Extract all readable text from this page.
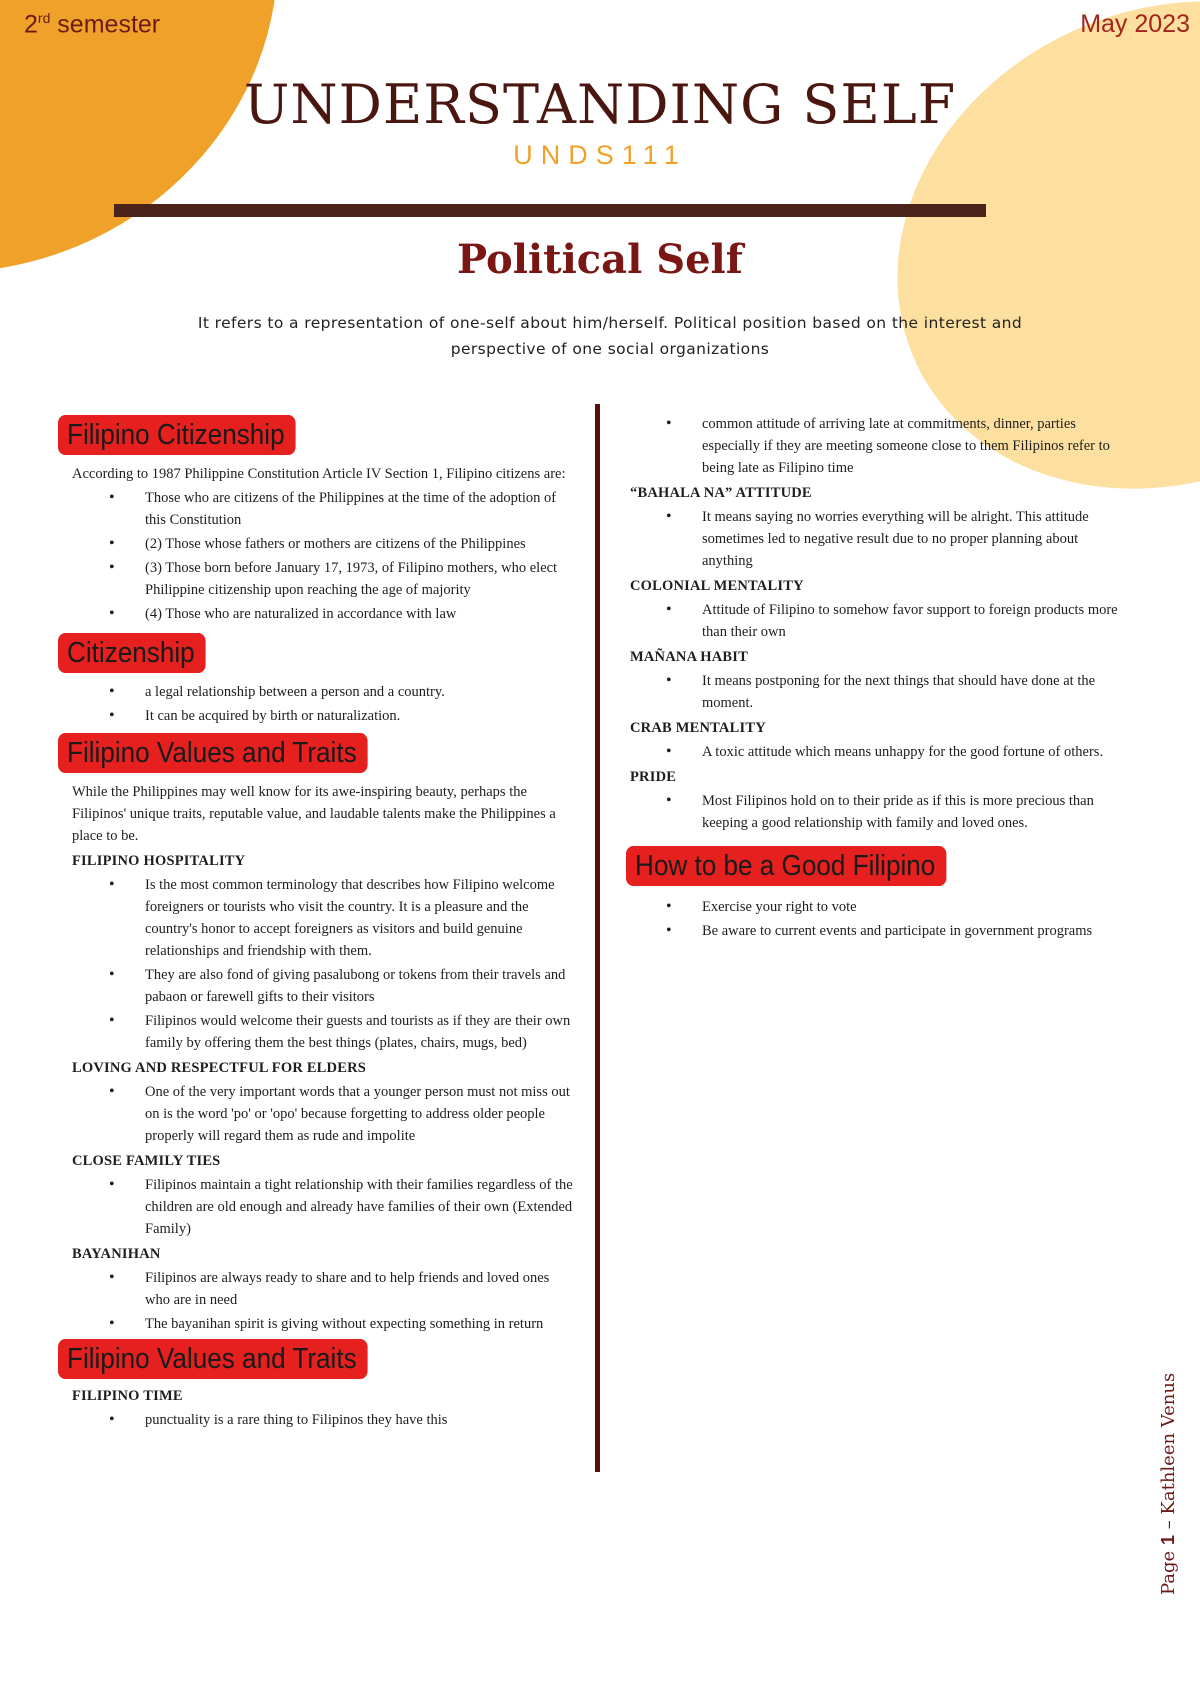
2rd semester	May 2023
UNDERSTANDING SELF
UNDS111
Political Self
It refers to a representation of one-self about him/herself. Political position based on the interest and perspective of one social organizations
Filipino Citizenship

According to 1987 Philippine Constitution Article IV Section 1, Filipino citizens are:

• Those who are citizens of the Philippines at the time of the adoption of this Constitution
• (2) Those whose fathers or mothers are citizens of the Philippines
• (3) Those born before January 17, 1973, of Filipino mothers, who elect Philippine citizenship upon reaching the age of majority
• (4) Those who are naturalized in accordance with law
Citizenship
• a legal relationship between a person and a country.
• It can be acquired by birth or naturalization.
Filipino Values and Traits

While the Philippines may well know for its awe-inspiring beauty, perhaps the Filipinos' unique traits, reputable value, and laudable talents make the Philippines a place to be.

FILIPINO HOSPITALITY
• Is the most common terminology that describes how Filipino welcome foreigners or tourists who visit the country. It is a pleasure and the country's honor to accept foreigners as visitors and build genuine relationships and friendship with them.
• They are also fond of giving pasalubong or tokens from their travels and pabaon or farewell gifts to their visitors
• Filipinos would welcome their guests and tourists as if they are their own family by offering them the best things (plates, chairs, mugs, bed)
LOVING AND RESPECTFUL FOR ELDERS
• One of the very important words that a younger person must not miss out on is the word 'po' or 'opo' because forgetting to address older people properly will regard them as rude and impolite
CLOSE FAMILY TIES
• Filipinos maintain a tight relationship with their families regardless of the children are old enough and already have families of their own (Extended Family)
BAYANIHAN
• Filipinos are always ready to share and to help friends and loved ones who are in need
• The bayanihan spirit is giving without expecting something in return
Filipino Values and Traits
FILIPINO TIME
• punctuality is a rare thing to Filipinos they have this
• common attitude of arriving late at commitments, dinner, parties especially if they are meeting someone close to them Filipinos refer to being late as Filipino time
“BAHALA NA” ATTITUDE
• It means saying no worries everything will be alright. This attitude sometimes led to negative result due to no proper planning about anything
COLONIAL MENTALITY
• Attitude of Filipino to somehow favor support to foreign products more than their own
MAÑANA HABIT
• It means postponing for the next things that should have done at the moment.
CRAB MENTALITY
• A toxic attitude which means unhappy for the good fortune of others.
PRIDE
• Most Filipinos hold on to their pride as if this is more precious than keeping a good relationship with family and loved ones.
How to be a Good Filipino
• Exercise your right to vote
• Be aware to current events and participate in government programs
Page 1 – Kathleen Venus
